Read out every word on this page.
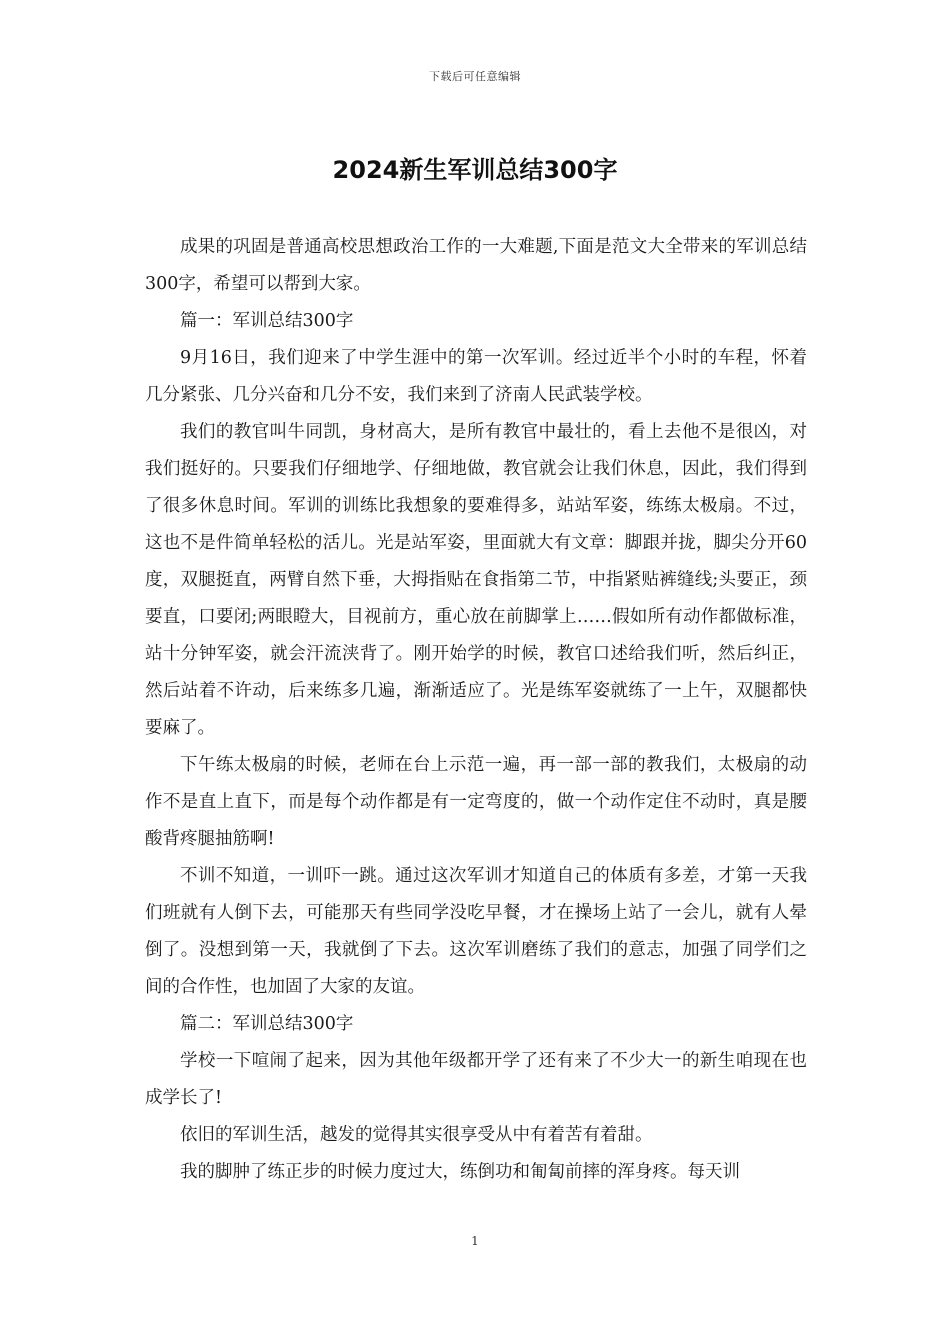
下载后可任意编辑
2024新生军训总结300字

成果的巩固是普通高校思想政治工作的一大难题,下面是范文大全带来的军训总结300字，希望可以帮到大家。

篇一：军训总结300字

9月16日，我们迎来了中学生涯中的第一次军训。经过近半个小时的车程，怀着几分紧张、几分兴奋和几分不安，我们来到了济南人民武装学校。

我们的教官叫牛同凯，身材高大，是所有教官中最壮的，看上去他不是很凶，对我们挺好的。只要我们仔细地学、仔细地做，教官就会让我们休息，因此，我们得到了很多休息时间。军训的训练比我想象的要难得多，站站军姿，练练太极扇。不过，这也不是件简单轻松的活儿。光是站军姿，里面就大有文章：脚跟并拢，脚尖分开60度，双腿挺直，两臂自然下垂，大拇指贴在食指第二节，中指紧贴裤缝线;头要正，颈要直，口要闭;两眼瞪大，目视前方，重心放在前脚掌上……假如所有动作都做标准，站十分钟军姿，就会汗流浃背了。刚开始学的时候，教官口述给我们听，然后纠正，然后站着不许动，后来练多几遍，渐渐适应了。光是练军姿就练了一上午，双腿都快要麻了。

下午练太极扇的时候，老师在台上示范一遍，再一部一部的教我们，太极扇的动作不是直上直下，而是每个动作都是有一定弯度的，做一个动作定住不动时，真是腰酸背疼腿抽筋啊!

不训不知道，一训吓一跳。通过这次军训才知道自己的体质有多差，才第一天我们班就有人倒下去，可能那天有些同学没吃早餐，才在操场上站了一会儿，就有人晕倒了。没想到第一天，我就倒了下去。这次军训磨练了我们的意志，加强了同学们之间的合作性，也加固了大家的友谊。

篇二：军训总结300字

学校一下喧闹了起来，因为其他年级都开学了还有来了不少大一的新生咱现在也成学长了!

依旧的军训生活，越发的觉得其实很享受从中有着苦有着甜。

我的脚肿了练正步的时候力度过大，练倒功和匍匐前摔的浑身疼。每天训

1
